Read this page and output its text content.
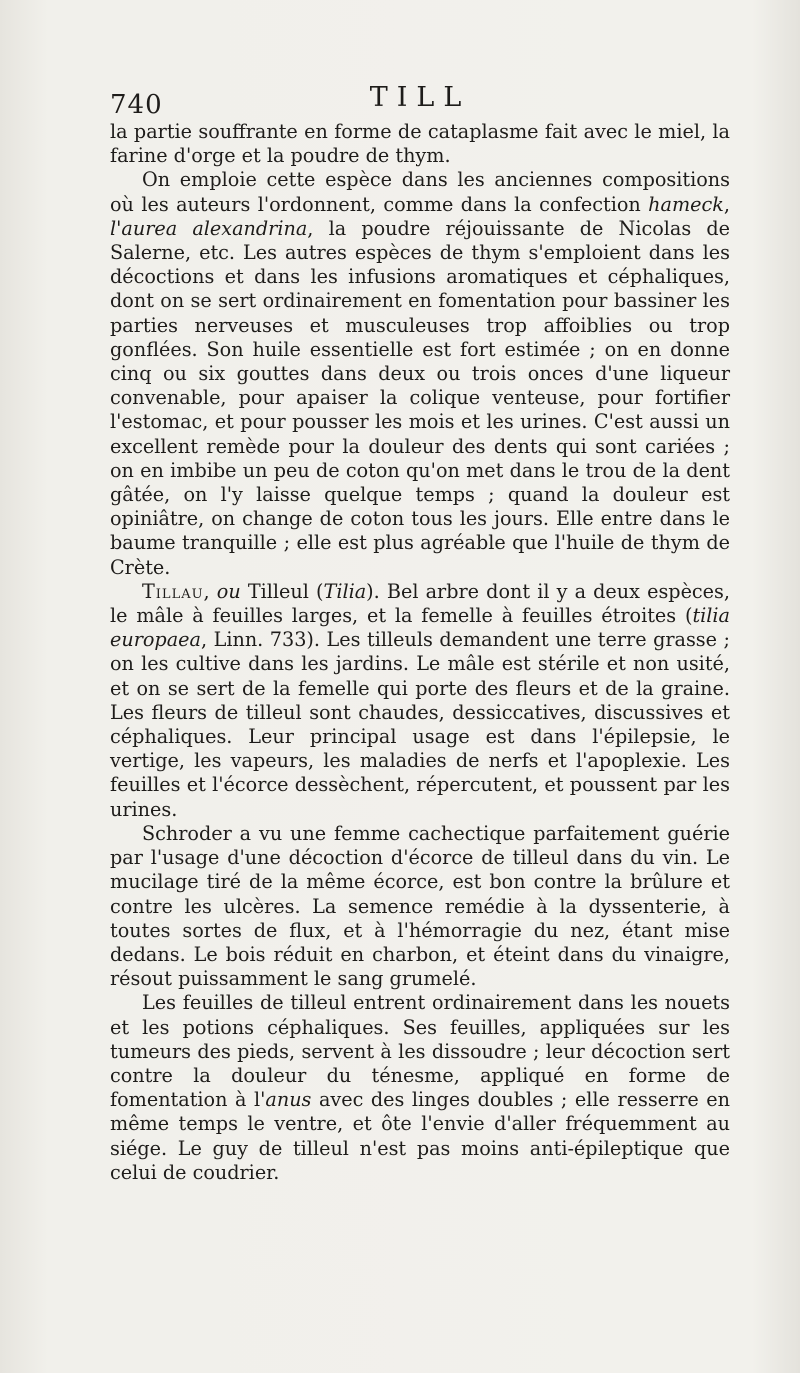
740	TILL

la partie souffrante en forme de cataplasme fait avec le miel, la farine d'orge et la poudre de thym.

On emploie cette espèce dans les anciennes compositions où les auteurs l'ordonnent, comme dans la confection hameck, l'aurea alexandrina, la poudre réjouissante de Nicolas de Salerne, etc. Les autres espèces de thym s'emploient dans les décoctions et dans les infusions aromatiques et céphaliques, dont on se sert ordinairement en fomentation pour bassiner les parties nerveuses et musculeuses trop affoiblies ou trop gonflées. Son huile essentielle est fort estimée ; on en donne cinq ou six gouttes dans deux ou trois onces d'une liqueur convenable, pour apaiser la colique venteuse, pour fortifier l'estomac, et pour pousser les mois et les urines. C'est aussi un excellent remède pour la douleur des dents qui sont cariées ; on en imbibe un peu de coton qu'on met dans le trou de la dent gâtée, on l'y laisse quelque temps ; quand la douleur est opiniâtre, on change de coton tous les jours. Elle entre dans le baume tranquille ; elle est plus agréable que l'huile de thym de Crète.

Tillau, ou Tilleul (Tilia). Bel arbre dont il y a deux espèces, le mâle à feuilles larges, et la femelle à feuilles étroites (tilia europaea, Linn. 733). Les tilleuls demandent une terre grasse ; on les cultive dans les jardins. Le mâle est stérile et non usité, et on se sert de la femelle qui porte des fleurs et de la graine. Les fleurs de tilleul sont chaudes, dessiccatives, discussives et céphaliques. Leur principal usage est dans l'épilepsie, le vertige, les vapeurs, les maladies de nerfs et l'apoplexie. Les feuilles et l'écorce dessèchent, répercutent, et poussent par les urines.

Schroder a vu une femme cachectique parfaitement guérie par l'usage d'une décoction d'écorce de tilleul dans du vin. Le mucilage tiré de la même écorce, est bon contre la brûlure et contre les ulcères. La semence remédie à la dyssenterie, à toutes sortes de flux, et à l'hémorragie du nez, étant mise dedans. Le bois réduit en charbon, et éteint dans du vinaigre, résout puissamment le sang grumelé.

Les feuilles de tilleul entrent ordinairement dans les nouets et les potions céphaliques. Ses feuilles, appliquées sur les tumeurs des pieds, servent à les dissoudre ; leur décoction sert contre la douleur du ténesme, appliqué en forme de fomentation à l'anus avec des linges doubles ; elle resserre en même temps le ventre, et ôte l'envie d'aller fréquemment au siége. Le guy de tilleul n'est pas moins anti-épileptique que celui de coudrier.
